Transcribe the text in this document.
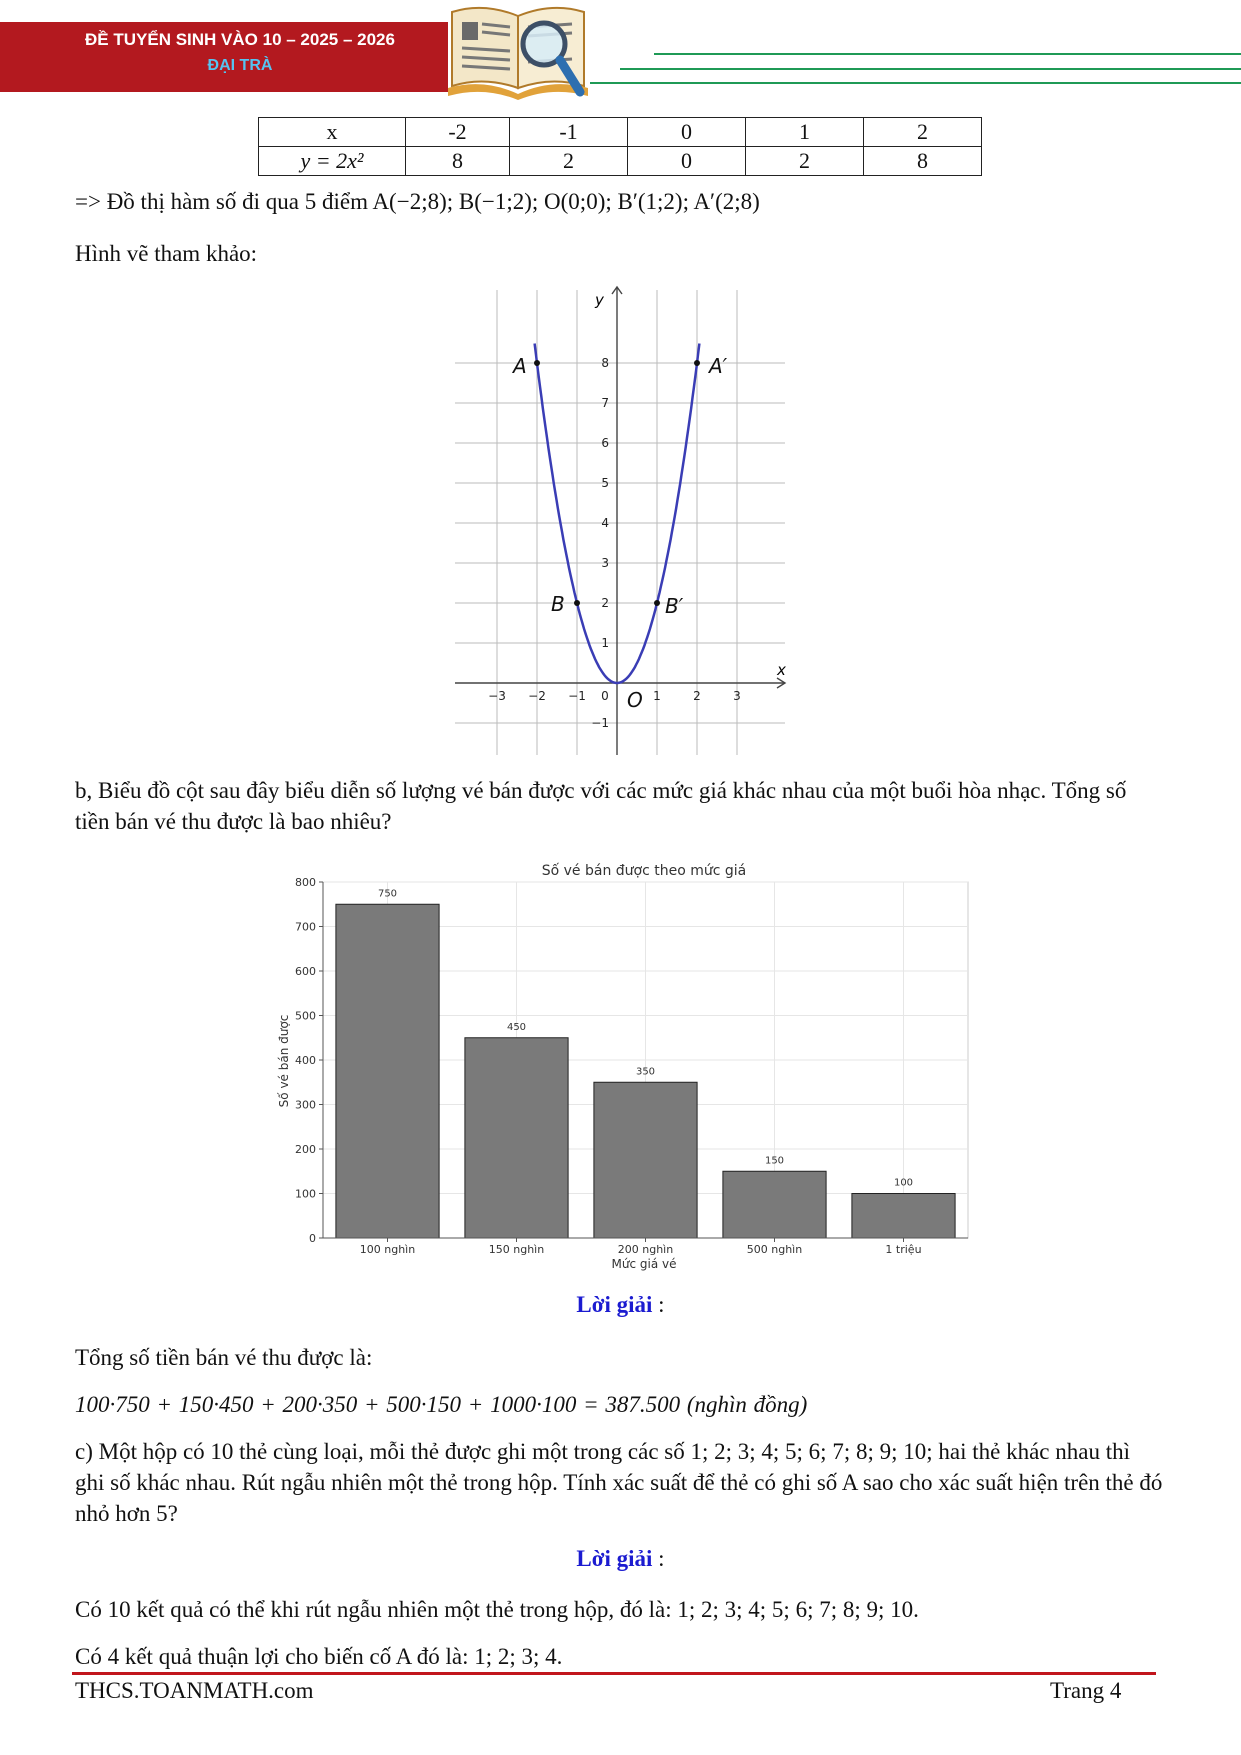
ĐỀ TUYỂN SINH VÀO 10 – 2025 – 2026
ĐẠI TRÀ
x	-2	-1	0	1	2
y = 2x²	8	2	0	2	8
=> Đồ thị hàm số đi qua 5 điểm A(−2;8); B(−1;2); O(0;0); B′(1;2); A′(2;8)
Hình vẽ tham khảo:
x
y
−3 −2 −1 0	1	2	3
−1
1
2
3
4
5
6
7
8
A
B
O
B′
A′
b, Biểu đồ cột sau đây biểu diễn số lượng vé bán được với các mức giá khác nhau của một buổi hòa nhạc. Tổng số tiền bán vé thu được là bao nhiêu?
Số vé bán được theo mức giá
750
450
350
150
100
0
100
200
300
400
500
600
700
800
100 nghìn	150 nghìn	200 nghìn	500 nghìn	1 triệu
Mức giá vé
Số vé bán được
Lời giải :
Tổng số tiền bán vé thu được là:
100·750 + 150·450 + 200·350 + 500·150 + 1000·100 = 387.500 (nghìn đồng)
c) Một hộp có 10 thẻ cùng loại, mỗi thẻ được ghi một trong các số 1; 2; 3; 4; 5; 6; 7; 8; 9; 10; hai thẻ khác nhau thì ghi số khác nhau. Rút ngẫu nhiên một thẻ trong hộp. Tính xác suất để thẻ có ghi số A sao cho xác suất hiện trên thẻ đó nhỏ hơn 5?
Lời giải :
Có 10 kết quả có thể khi rút ngẫu nhiên một thẻ trong hộp, đó là: 1; 2; 3; 4; 5; 6; 7; 8; 9; 10.
Có 4 kết quả thuận lợi cho biến cố A đó là: 1; 2; 3; 4.
THCS.TOANMATH.com	Trang 4
